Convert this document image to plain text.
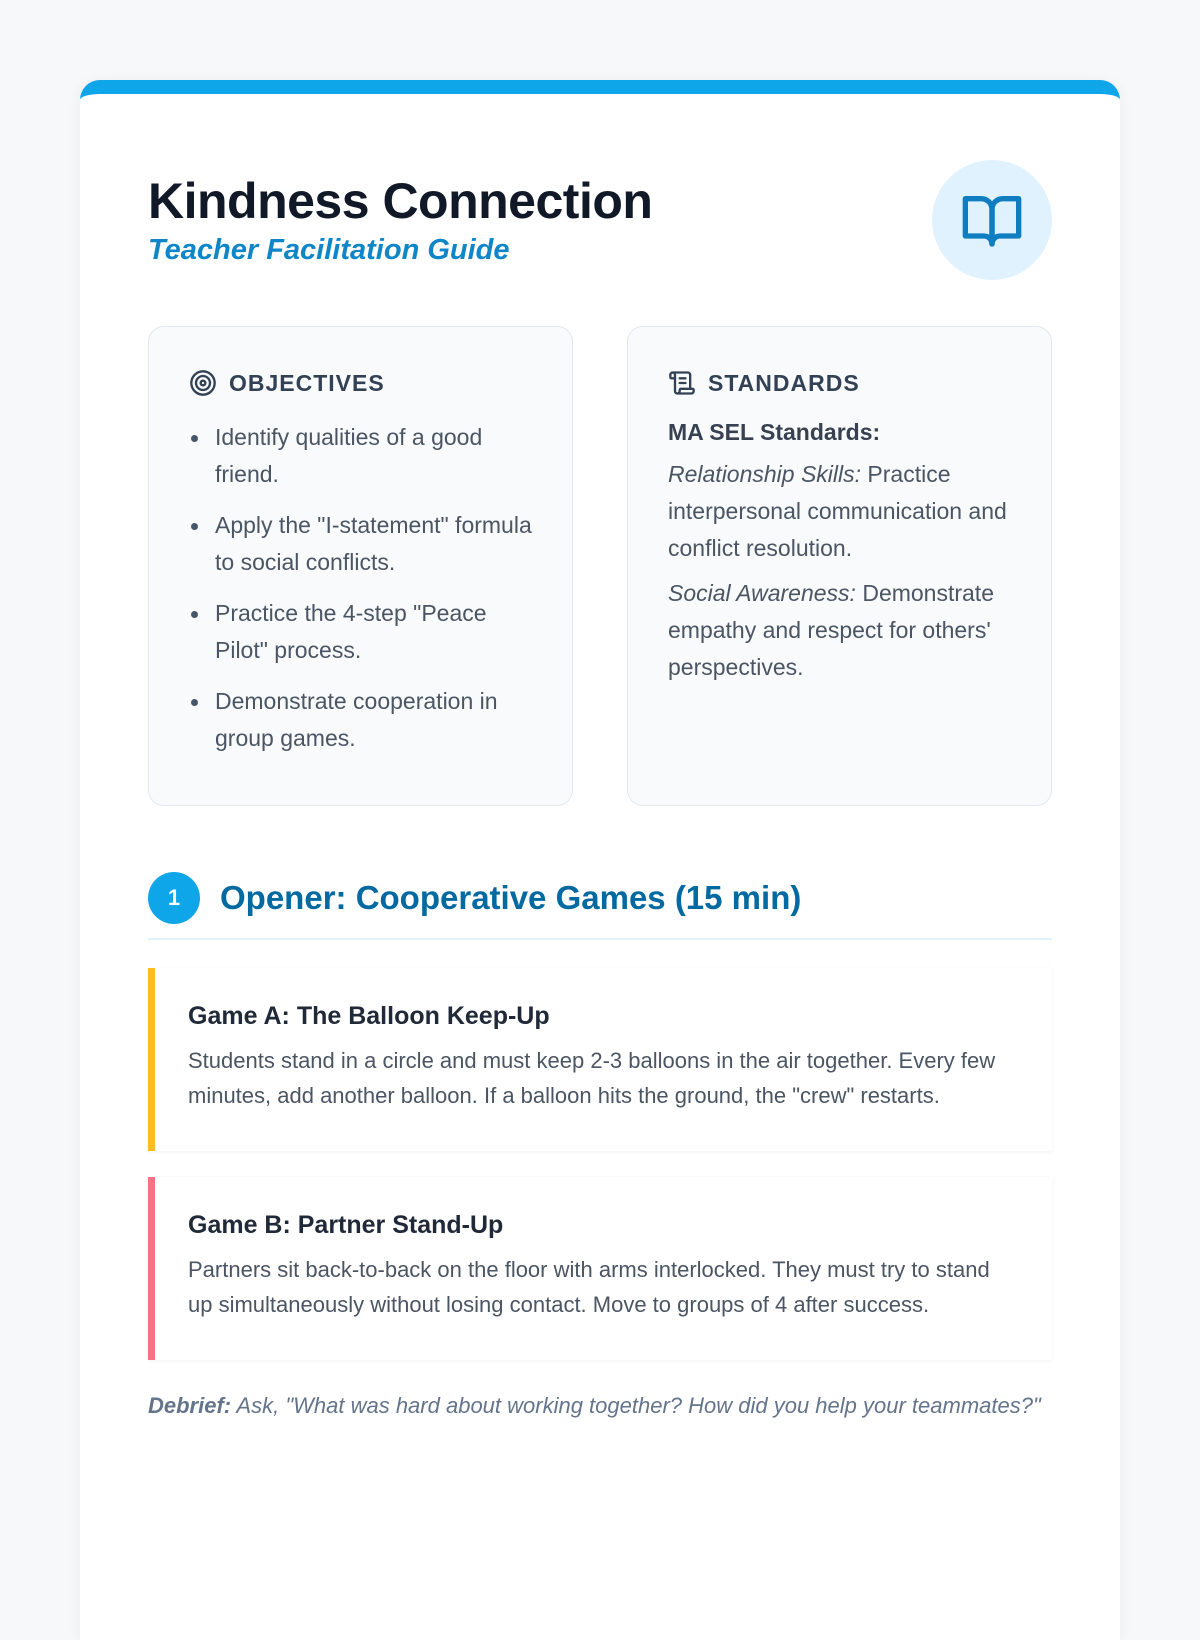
Kindness Connection
Teacher Facilitation Guide
OBJECTIVES
Identify qualities of a good friend.
Apply the "I-statement" formula to social conflicts.
Practice the 4-step "Peace Pilot" process.
Demonstrate cooperation in group games.
STANDARDS
MA SEL Standards:

Relationship Skills: Practice interpersonal communication and conflict resolution.

Social Awareness: Demonstrate empathy and respect for others' perspectives.

1	Opener: Cooperative Games (15 min)
Game A: The Balloon Keep-Up

Students stand in a circle and must keep 2-3 balloons in the air together. Every few minutes, add another balloon. If a balloon hits the ground, the "crew" restarts.

Game B: Partner Stand-Up

Partners sit back-to-back on the floor with arms interlocked. They must try to stand up simultaneously without losing contact. Move to groups of 4 after success.

Debrief: Ask, "What was hard about working together? How did you help your teammates?"
